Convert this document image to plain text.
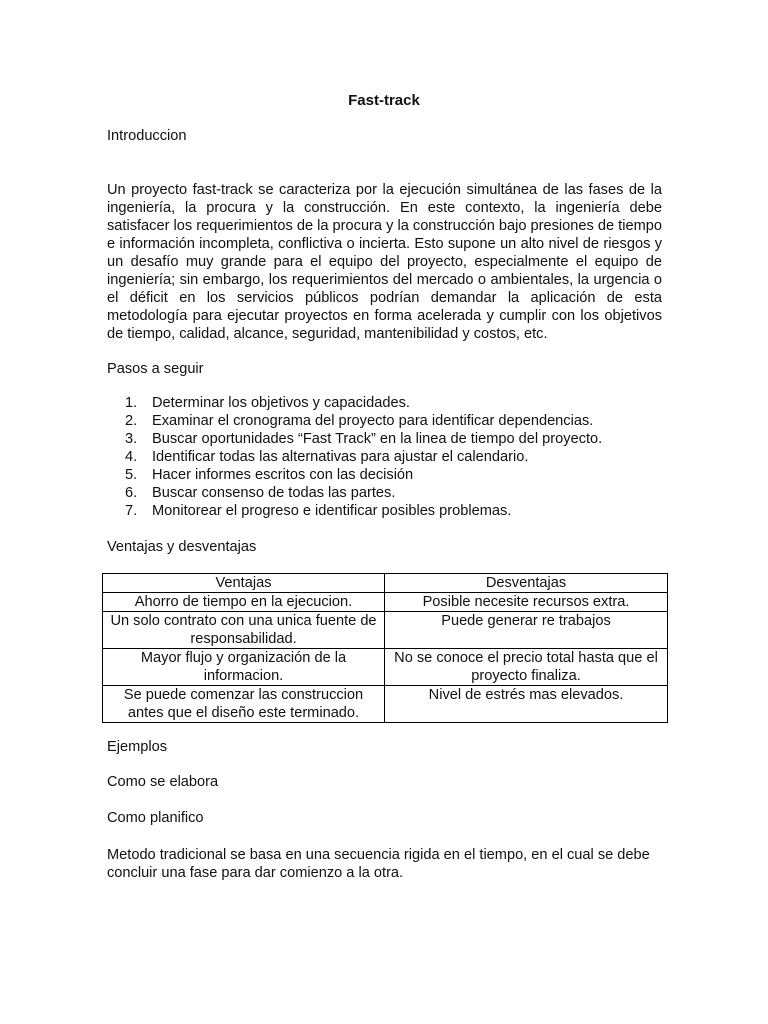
Fast-track

Introduccion

Un proyecto fast-track se caracteriza por la ejecución simultánea de las fases de la ingeniería, la procura y la construcción. En este contexto, la ingeniería debe satisfacer los requerimientos de la procura y la construcción bajo presiones de tiempo e información incompleta, conflictiva o incierta. Esto supone un alto nivel de riesgos y un desafío muy grande para el equipo del proyecto, especialmente el equipo de ingeniería; sin embargo, los requerimientos del mercado o ambientales, la urgencia o el déficit en los servicios públicos podrían demandar la aplicación de esta metodología para ejecutar proyectos en forma acelerada y cumplir con los objetivos de tiempo, calidad, alcance, seguridad, mantenibilidad y costos, etc.

Pasos a seguir

1. Determinar los objetivos y capacidades.
2. Examinar el cronograma del proyecto para identificar dependencias.
3. Buscar oportunidades “Fast Track” en la linea de tiempo del proyecto.
4. Identificar todas las alternativas para ajustar el calendario.
5. Hacer informes escritos con las decisión
6. Buscar consenso de todas las partes.
7. Monitorear el progreso e identificar posibles problemas.

Ventajas y desventajas

Ventajas	Desventajas
Ahorro de tiempo en la ejecucion.	Posible necesite recursos extra.
Un solo contrato con una unica fuente de responsabilidad.	Puede generar re trabajos
Mayor flujo y organización de la informacion.	No se conoce el precio total hasta que el proyecto finaliza.
Se puede comenzar las construccion antes que el diseño este terminado.	Nivel de estrés mas elevados.

Ejemplos

Como se elabora

Como planifico

Metodo tradicional se basa en una secuencia rigida en el tiempo, en el cual se debe concluir una fase para dar comienzo a la otra.
